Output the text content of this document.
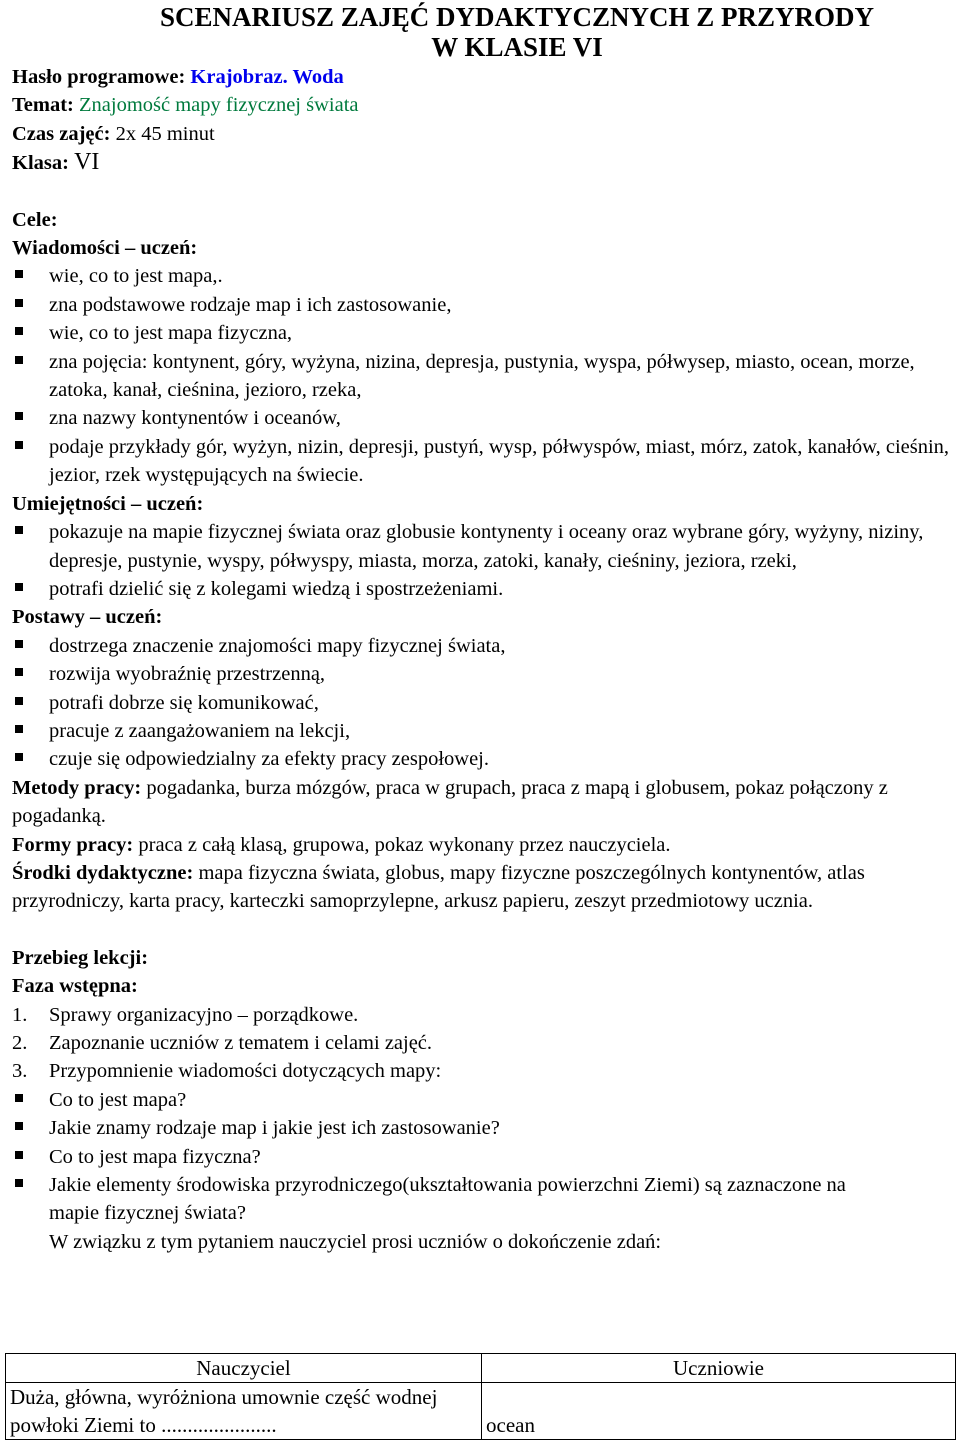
SCENARIUSZ ZAJĘĆ DYDAKTYCZNYCH Z PRZYRODY
W KLASIE VI

Hasło programowe: Krajobraz. Woda

Temat: Znajomość mapy fizycznej świata

Czas zajęć: 2x 45 minut

Klasa: VI

Cele:

Wiadomości – uczeń:

wie, co to jest mapa,.
zna podstawowe rodzaje map i ich zastosowanie,
wie, co to jest mapa fizyczna,
zna pojęcia: kontynent, góry, wyżyna, nizina, depresja, pustynia, wyspa, półwysep, miasto, ocean, morze, zatoka, kanał, cieśnina, jezioro, rzeka,
zna nazwy kontynentów i oceanów,
podaje przykłady gór, wyżyn, nizin, depresji, pustyń, wysp, półwyspów, miast, mórz, zatok, kanałów, cieśnin, jezior, rzek występujących na świecie.

Umiejętności – uczeń:

pokazuje na mapie fizycznej świata oraz globusie kontynenty i oceany oraz wybrane góry, wyżyny, niziny, depresje, pustynie, wyspy, półwyspy, miasta, morza, zatoki, kanały, cieśniny, jeziora, rzeki,
potrafi dzielić się z kolegami wiedzą i spostrzeżeniami.

Postawy – uczeń:

dostrzega znaczenie znajomości mapy fizycznej świata,
rozwija wyobraźnię przestrzenną,
potrafi dobrze się komunikować,
pracuje z zaangażowaniem na lekcji,
czuje się odpowiedzialny za efekty pracy zespołowej.

Metody pracy: pogadanka, burza mózgów, praca w grupach, praca z mapą i globusem, pokaz połączony z pogadanką.

Formy pracy: praca z całą klasą, grupowa, pokaz wykonany przez nauczyciela.

Środki dydaktyczne: mapa fizyczna świata, globus, mapy fizyczne poszczególnych kontynentów, atlas przyrodniczy, karta pracy, karteczki samoprzylepne, arkusz papieru, zeszyt przedmiotowy ucznia.

Przebieg lekcji:

Faza wstępna:

1. Sprawy organizacyjno – porządkowe.
2. Zapoznanie uczniów z tematem i celami zajęć.
3. Przypomnienie wiadomości dotyczących mapy:
Co to jest mapa?
Jakie znamy rodzaje map i jakie jest ich zastosowanie?
Co to jest mapa fizyczna?
Jakie elementy środowiska przyrodniczego(ukształtowania powierzchni Ziemi) są zaznaczone na mapie fizycznej świata?

W związku z tym pytaniem nauczyciel prosi uczniów o dokończenie zdań:

Nauczyciel	Uczniowie
Duża, główna, wyróżniona umownie część wodnej powłoki Ziemi to ......................	ocean
